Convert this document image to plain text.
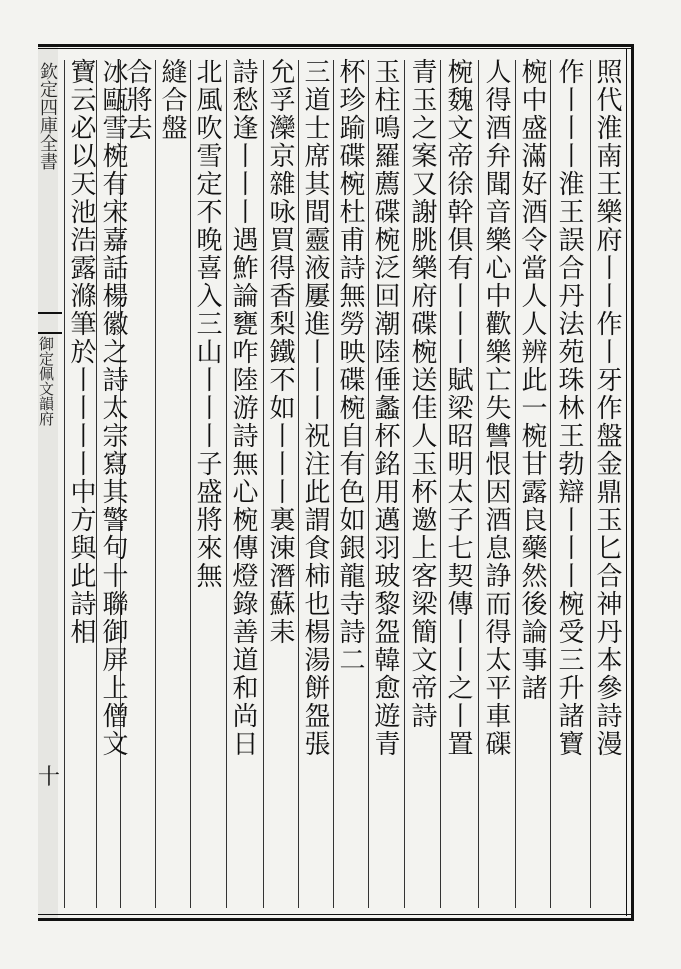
欽定四庫全書
御定佩文韻府
十
照代淮南王樂府丨丨作丨牙作盤金鼎玉匕合神丹本參詩漫
作丨丨丨淮王誤合丹法苑珠林王勃辯丨丨丨椀受三升諸寶
椀中盛滿好酒令當人人辨此一椀甘露良藥然後論事諸
人得酒弁聞音樂心中歡樂亡失讐恨因酒息諍而得太平車磲
椀魏文帝徐幹俱有丨丨丨賦梁昭明太子七契傳丨丨之丨置
青玉之案又謝朓樂府碟椀送佳人玉杯邀上客梁簡文帝詩
玉柱鳴羅薦碟椀泛回潮陸倕蠡杯銘用邁羽玻黎盌韓愈遊青
杯珍踰碟椀杜甫詩無勞映碟椀自有色如銀龍寺詩二
三道士席其間靈液屢進丨丨丨祝注此謂食柿也楊湯餅盌張
允孚灤京雜咏買得香梨鐵不如丨丨丨裏涷潛蘇耒
詩愁逢丨丨丨遇鮓論甕咋陸游詩無心椀傳燈錄善道和尚日
北風吹雪定不晚喜入三山丨丨丨子盛將來無
縫合盤
合將去
冰甌雪椀有宋嘉話楊徽之詩太宗寫其警句十聯御屏上僧文
寶云必以天池浩露滌筆於丨丨丨丨中方與此詩相
